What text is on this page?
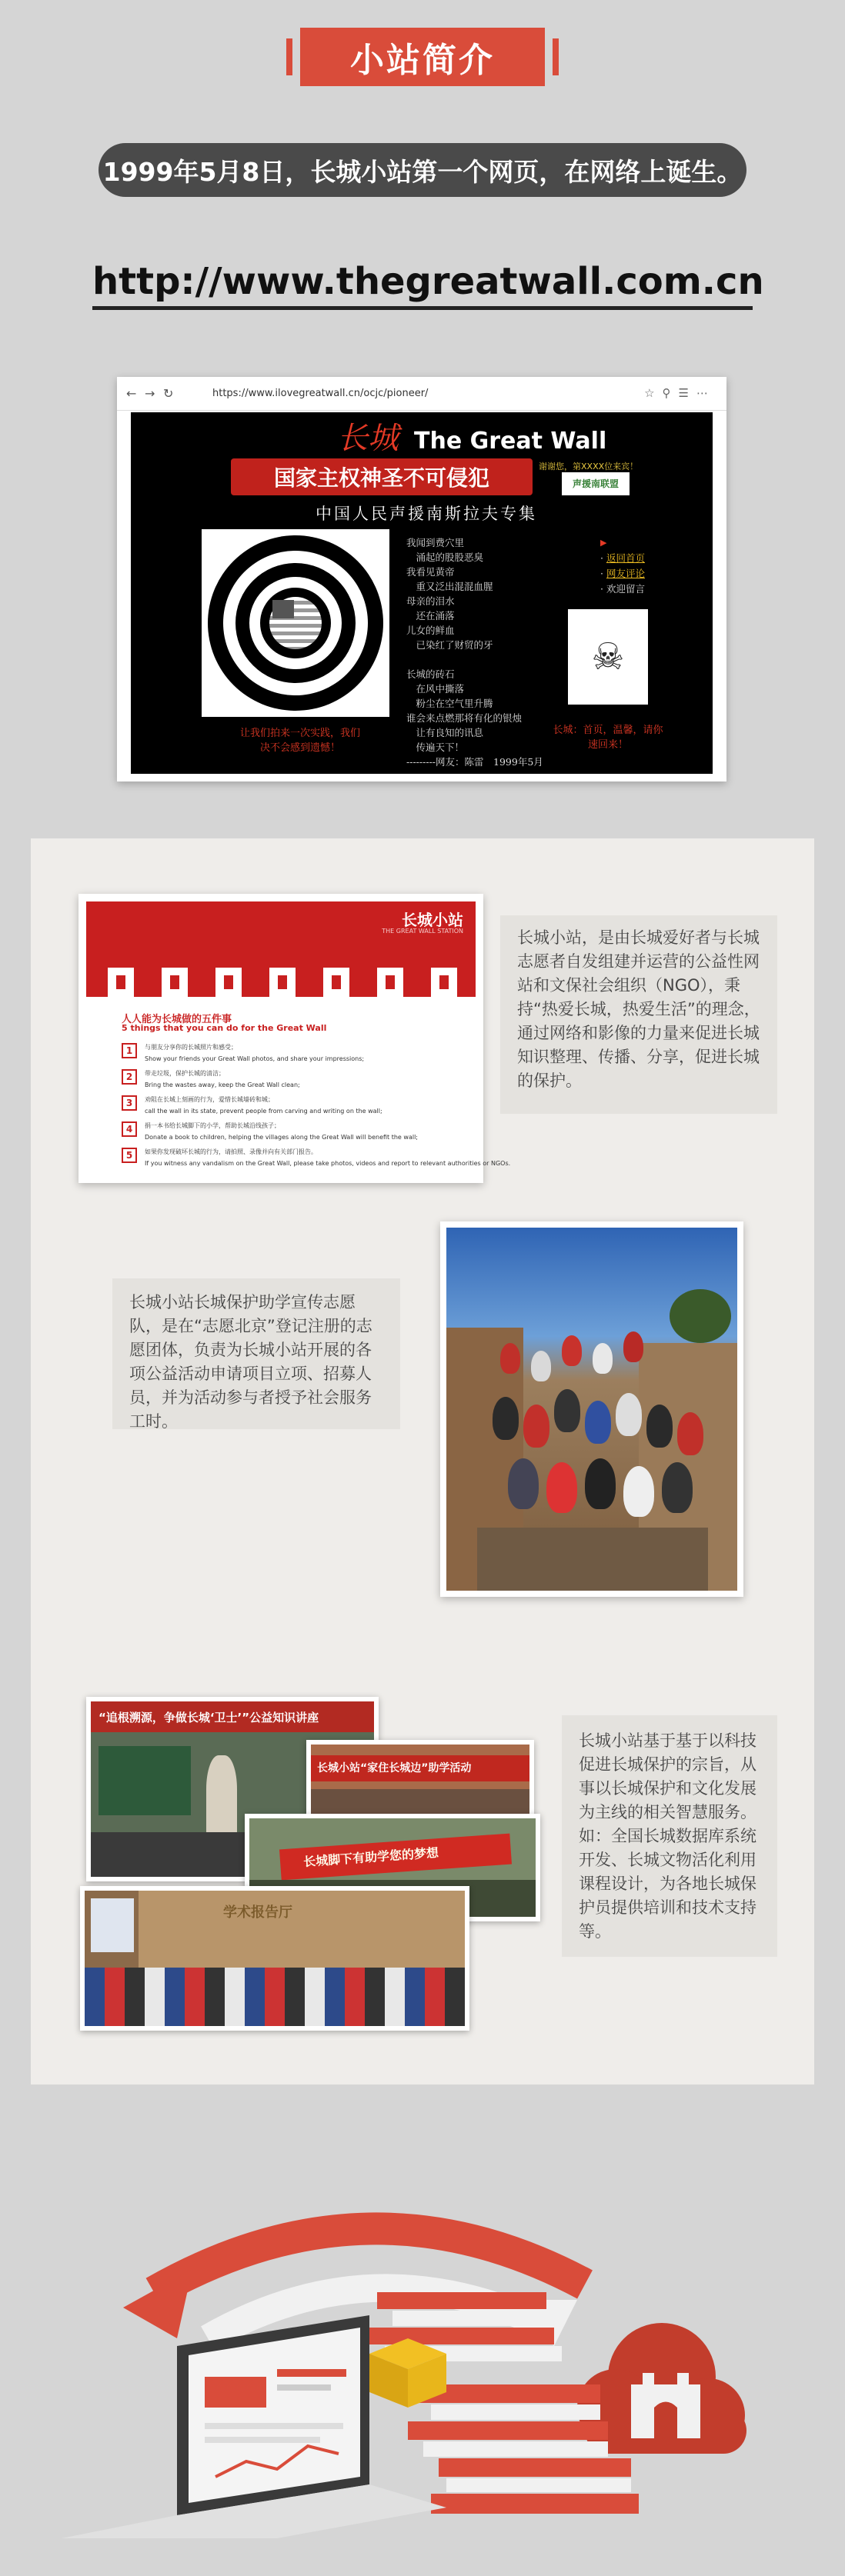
小站简介
1999年5月8日，长城小站第一个网页，在网络上诞生。
http://www.thegreatwall.com.cn
← → ↻	https://www.ilovegreatwall.cn/ocjc/pioneer/	☆⚲☰⋯
长城 The Great Wall
国家主权神圣不可侵犯	谢谢您，第XXXX位来宾！
声援南联盟
中国人民声援南斯拉夫专集
我闻到费穴里
　涌起的股股恶臭
我看见黄帝
　重又泛出混混血腥
母亲的泪水
　还在涌落
儿女的鲜血
　已染红了财贸的牙

长城的砖石
　在风中撕落
　粉尘在空气里升腾
谁会来点燃那将有化的银烛
　让有良知的讯息
　传遍天下！
---------网友：陈雷　1999年5月
让我们拍来一次实践，我们决不会感到遗憾！
▶
· 返回首页
· 网友评论
· 欢迎留言
☠
长城：首页，温馨，请你速回来！
长城小站
THE GREAT WALL STATION
人人能为长城做的五件事
5 things that you can do for the Great Wall
1	与朋友分享你的长城照片和感受；
Show your friends your Great Wall photos, and share your impressions;
2	带走垃圾，保护长城的清洁；
Bring the wastes away, keep the Great Wall clean;
3	劝阻在长城上刻画的行为，爱惜长城墙砖和城；
call the wall in its state, prevent people from carving and writing on the wall;
4	捐一本书给长城脚下的小学，帮助长城沿线孩子；
Donate a book to children, helping the villages along the Great Wall will benefit the wall;
5	如果你发现破坏长城的行为，请拍照、录像并向有关部门报告。
If you witness any vandalism on the Great Wall, please take photos, videos and report to relevant authorities or NGOs.
长城小站，是由长城爱好者与长城志愿者自发组建并运营的公益性网站和文保社会组织（NGO），秉持“热爱长城，热爱生活”的理念，通过网络和影像的力量来促进长城知识整理、传播、分享，促进长城的保护。
长城小站长城保护助学宣传志愿队，是在“志愿北京”登记注册的志愿团体，负责为长城小站开展的各项公益活动申请项目立项、招募人员，并为活动参与者授予社会服务工时。
“追根溯源，争做长城‘卫士’”公益知识讲座
长城小站“家住长城边”助学活动
长城脚下有助学您的梦想
学术报告厅
长城小站基于基于以科技促进长城保护的宗旨，从事以长城保护和文化发展为主线的相关智慧服务。如：全国长城数据库系统开发、长城文物活化利用课程设计，为各地长城保护员提供培训和技术支持等。
